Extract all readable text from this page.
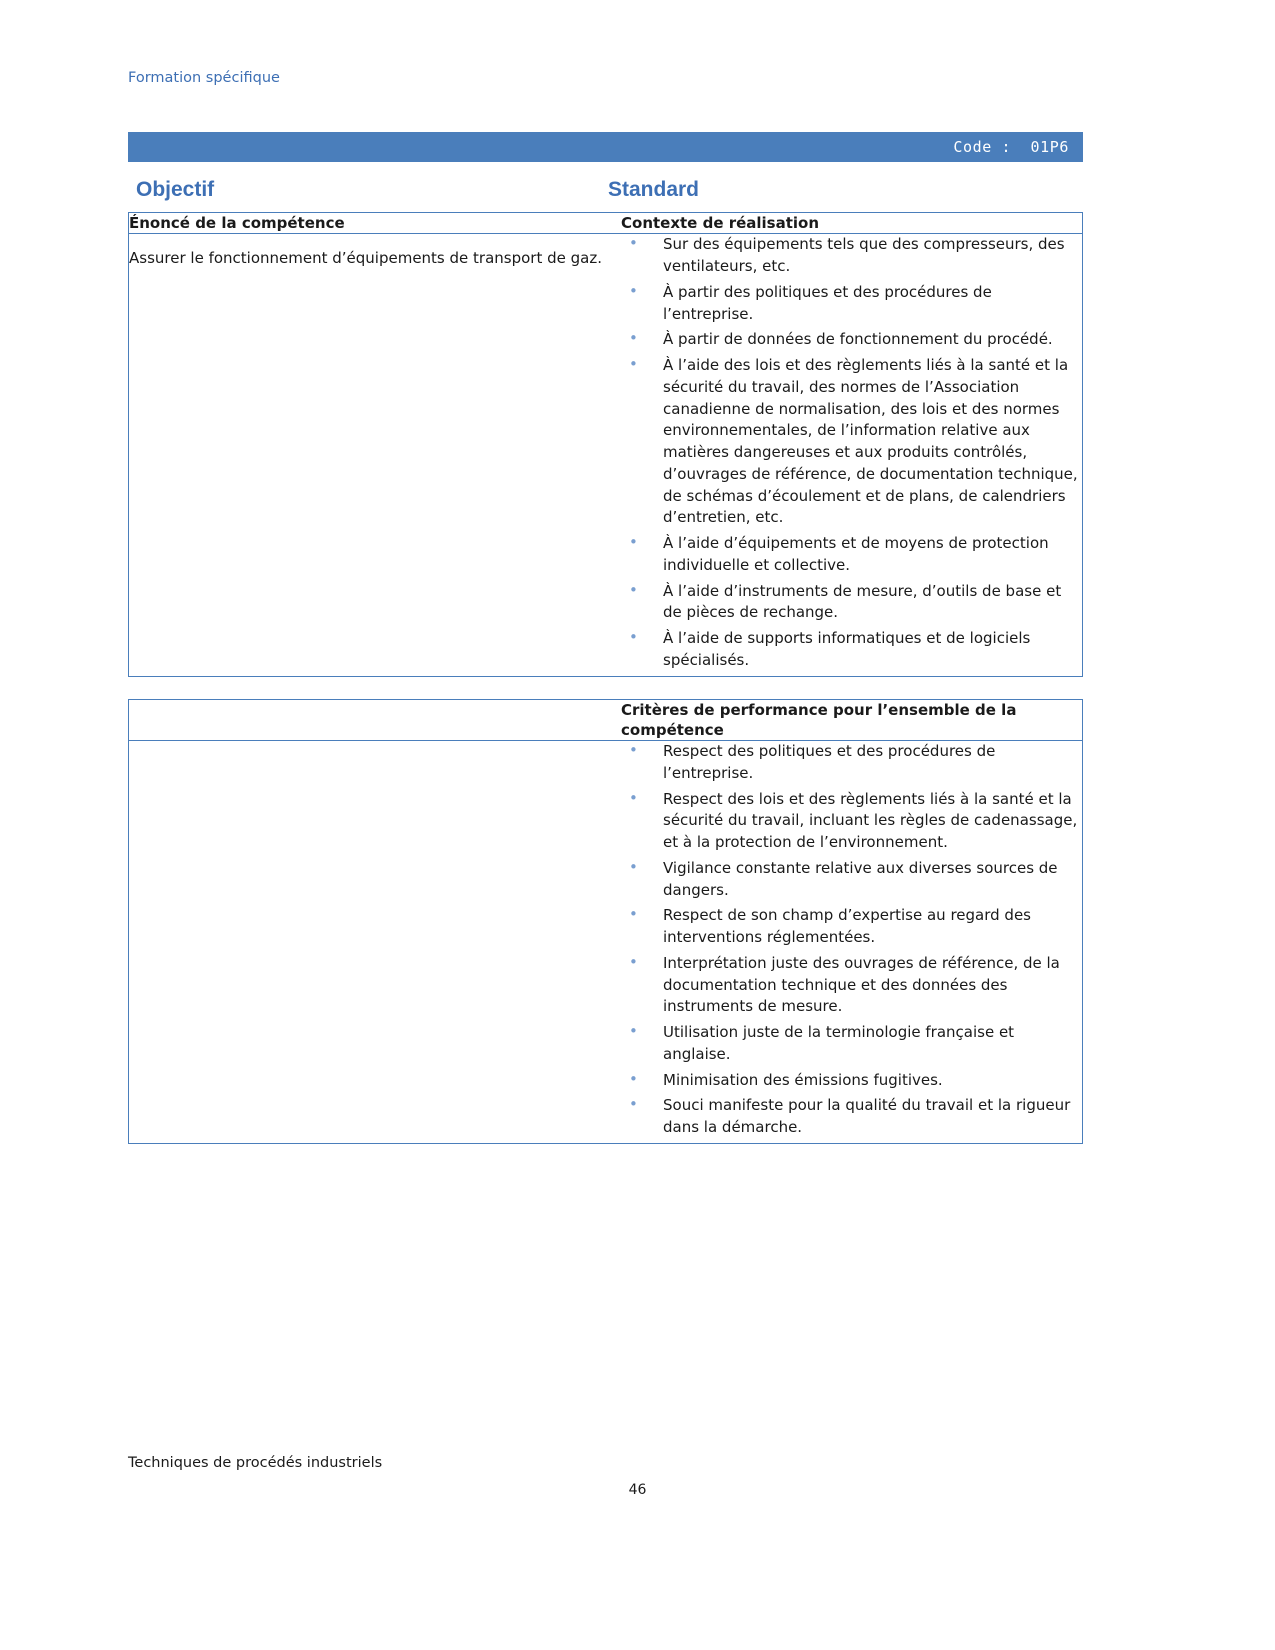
Formation spécifique
Code : 01P6
Objectif	Standard
Énoncé de la compétence	Contexte de réalisation
Assurer le fonctionnement d’équipements de transport de gaz.	
• Sur des équipements tels que des compresseurs, des ventilateurs, etc.
• À partir des politiques et des procédures de l’entreprise.
• À partir de données de fonctionnement du procédé.
• À l’aide des lois et des règlements liés à la santé et la sécurité du travail, des normes de l’Association canadienne de normalisation, des lois et des normes environnementales, de l’information relative aux matières dangereuses et aux produits contrôlés, d’ouvrages de référence, de documentation technique, de schémas d’écoulement et de plans, de calendriers d’entretien, etc.
• À l’aide d’équipements et de moyens de protection individuelle et collective.
• À l’aide d’instruments de mesure, d’outils de base et de pièces de rechange.
• À l’aide de supports informatiques et de logiciels spécialisés.
	Critères de performance pour l’ensemble de la compétence

• Respect des politiques et des procédures de l’entreprise.
• Respect des lois et des règlements liés à la santé et la sécurité du travail, incluant les règles de cadenassage, et à la protection de l’environnement.
• Vigilance constante relative aux diverses sources de dangers.
• Respect de son champ d’expertise au regard des interventions réglementées.
• Interprétation juste des ouvrages de référence, de la documentation technique et des données des instruments de mesure.
• Utilisation juste de la terminologie française et anglaise.
• Minimisation des émissions fugitives.
• Souci manifeste pour la qualité du travail et la rigueur dans la démarche.
Techniques de procédés industriels
46
